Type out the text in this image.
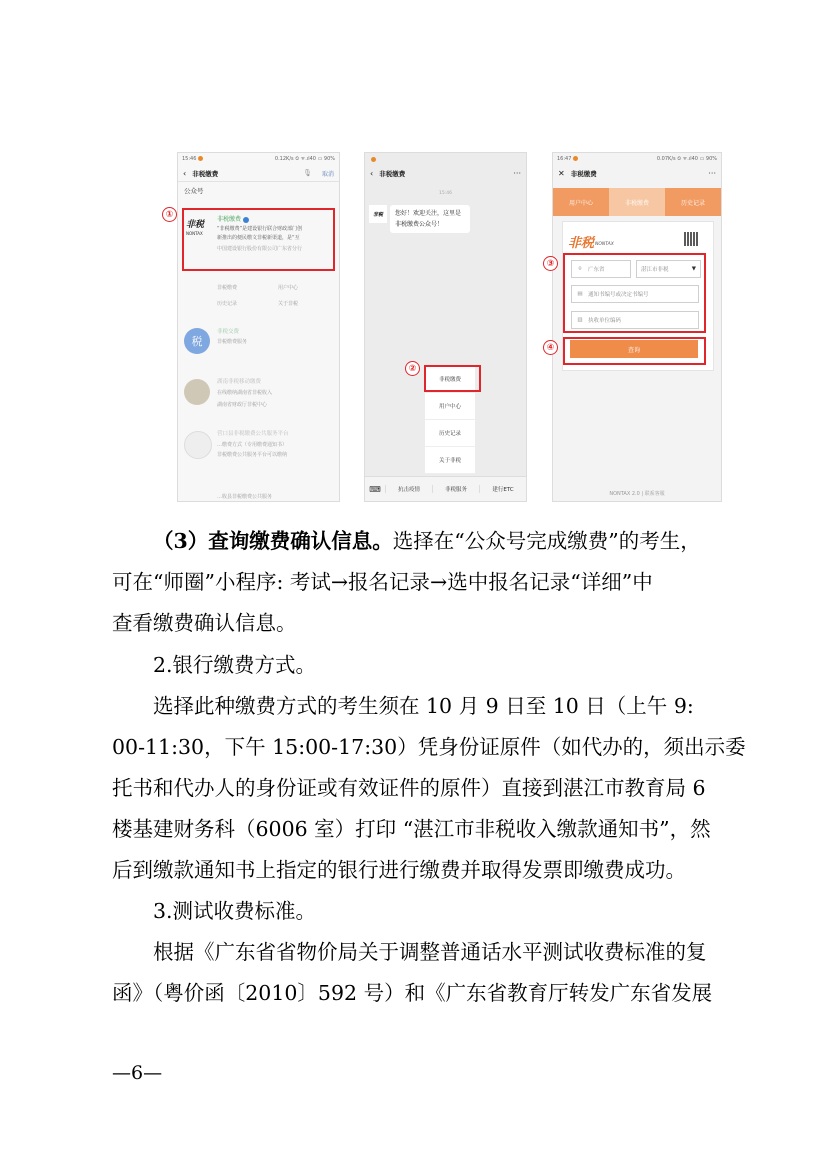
15:46	0.12K/s ⏲ ᯤ.ıl40 ▭ 90%
‹ 非税缴费	🎙 取消
公众号
非税
NONTAX
非税缴费
“非税缴费”是建设银行联合财政部门创
新推出的便民缴文非税新渠道，是“互
中国建设银行股份有限公司广东省分行
非税缴费	用户中心
历史记录	关于非税
税
非税交费
非税缴费服务
湖南非税移动缴费
在线缴纳湖南省非税收入
湖南省财政厅非税中心
营口县非税缴费公共服务平台
…缴费方式（专用缴费通知书）
非税缴费公共服务平台可以缴纳
…收县非税缴费公共服务
①
‹ 非税缴费	···
15:46
非税	您好！欢迎关注，这里是非税缴费公众号！
⌨	抗击疫情	非税服务	建行ETC
非税缴费
用户中心
历史记录
关于非税
②
16:47	0.07K/s ⏲ ᯤ.ıl40 ▭ 90%
✕ 非税缴费	···
用户中心	非税缴费	历史记录
非税 NONTAX
NONTAX 2.0 | 联系客服
⌾	广东省	湛江市非税	▼
▤ 通知书编号或决定书编号
▥ 执收单位编码
查询
③
④
（3）查询缴费确认信息。选择在“公众号完成缴费”的考生，
可在“师圈”小程序: 考试→报名记录→选中报名记录“详细”中
查看缴费确认信息。
2.银行缴费方式。
选择此种缴费方式的考生须在 10 月 9 日至 10 日（上午 9:
00-11:30，下午 15:00-17:30）凭身份证原件（如代办的，须出示委
托书和代办人的身份证或有效证件的原件）直接到湛江市教育局 6
楼基建财务科（6006 室）打印 “湛江市非税收入缴款通知书”，然
后到缴款通知书上指定的银行进行缴费并取得发票即缴费成功。
3.测试收费标准。
根据《广东省省物价局关于调整普通话水平测试收费标准的复
函》（粤价函〔2010〕592 号）和《广东省教育厅转发广东省发展
—6—
